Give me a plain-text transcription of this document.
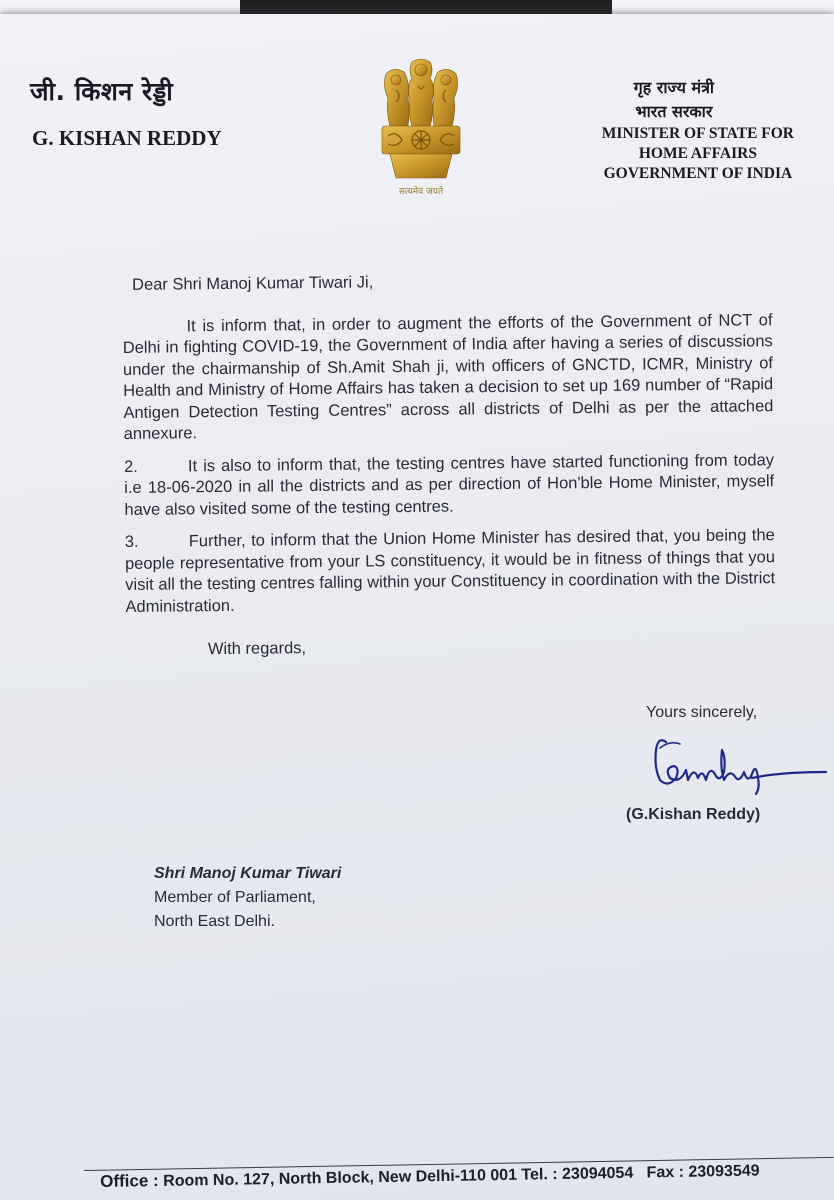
जी. किशन रेड्डी
G. KISHAN REDDY
सत्यमेव जयते
गृह राज्य मंत्री
भारत सरकार
MINISTER OF STATE FOR
HOME AFFAIRS
GOVERNMENT OF INDIA
Dear Shri Manoj Kumar Tiwari Ji,

It is inform that, in order to augment the efforts of the Government of NCT of Delhi in fighting COVID-19, the Government of India after having a series of discussions under the chairmanship of Sh.Amit Shah ji, with officers of GNCTD, ICMR, Ministry of Health and Ministry of Home Affairs has taken a decision to set up 169 number of “Rapid Antigen Detection Testing Centres” across all districts of Delhi as per the attached annexure.

2.	It is also to inform that, the testing centres have started functioning from today i.e 18-06-2020 in all the districts and as per direction of Hon'ble Home Minister, myself have also visited some of the testing centres.

3.	Further, to inform that the Union Home Minister has desired that, you being the people representative from your LS constituency, it would be in fitness of things that you visit all the testing centres falling within your Constituency in coordination with the District Administration.

With regards,
Yours sincerely,
(G.Kishan Reddy)
Shri Manoj Kumar Tiwari
Member of Parliament,
North East Delhi.
Office : Room No. 127, North Block, New Delhi-110 001 Tel. : 23094054 Fax : 23093549
